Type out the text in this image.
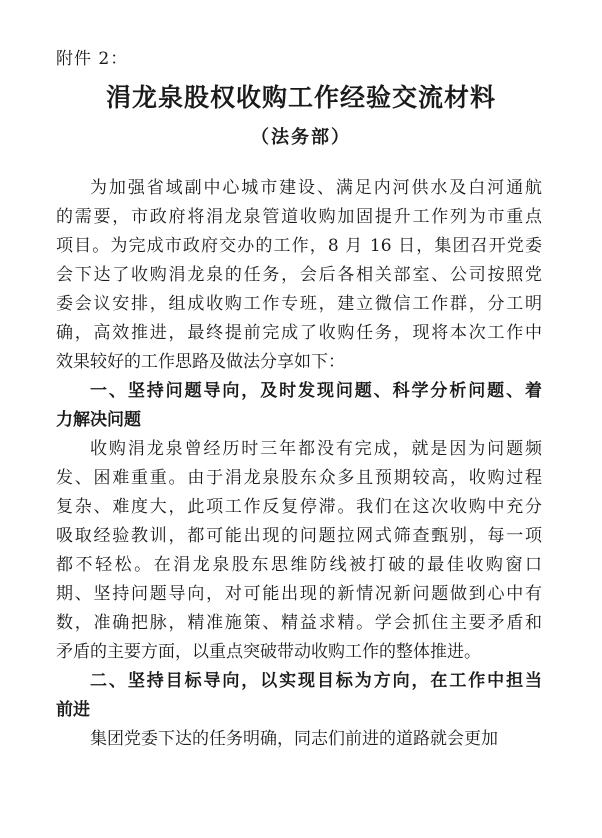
附件 2：
涓龙泉股权收购工作经验交流材料
（法务部）
为加强省域副中心城市建设、满足内河供水及白河通航
的需要，市政府将涓龙泉管道收购加固提升工作列为市重点
项目。为完成市政府交办的工作，8 月 16 日，集团召开党委
会下达了收购涓龙泉的任务，会后各相关部室、公司按照党
委会议安排，组成收购工作专班，建立微信工作群，分工明
确，高效推进，最终提前完成了收购任务，现将本次工作中
效果较好的工作思路及做法分享如下：
一、坚持问题导向，及时发现问题、科学分析问题、着
力解决问题
收购涓龙泉曾经历时三年都没有完成，就是因为问题频
发、困难重重。由于涓龙泉股东众多且预期较高，收购过程
复杂、难度大，此项工作反复停滞。我们在这次收购中充分
吸取经验教训，都可能出现的问题拉网式筛查甄别，每一项
都不轻松。在涓龙泉股东思维防线被打破的最佳收购窗口
期、坚持问题导向，对可能出现的新情况新问题做到心中有
数，准确把脉，精准施策、精益求精。学会抓住主要矛盾和
矛盾的主要方面，以重点突破带动收购工作的整体推进。
二、坚持目标导向，以实现目标为方向，在工作中担当
前进
集团党委下达的任务明确，同志们前进的道路就会更加
